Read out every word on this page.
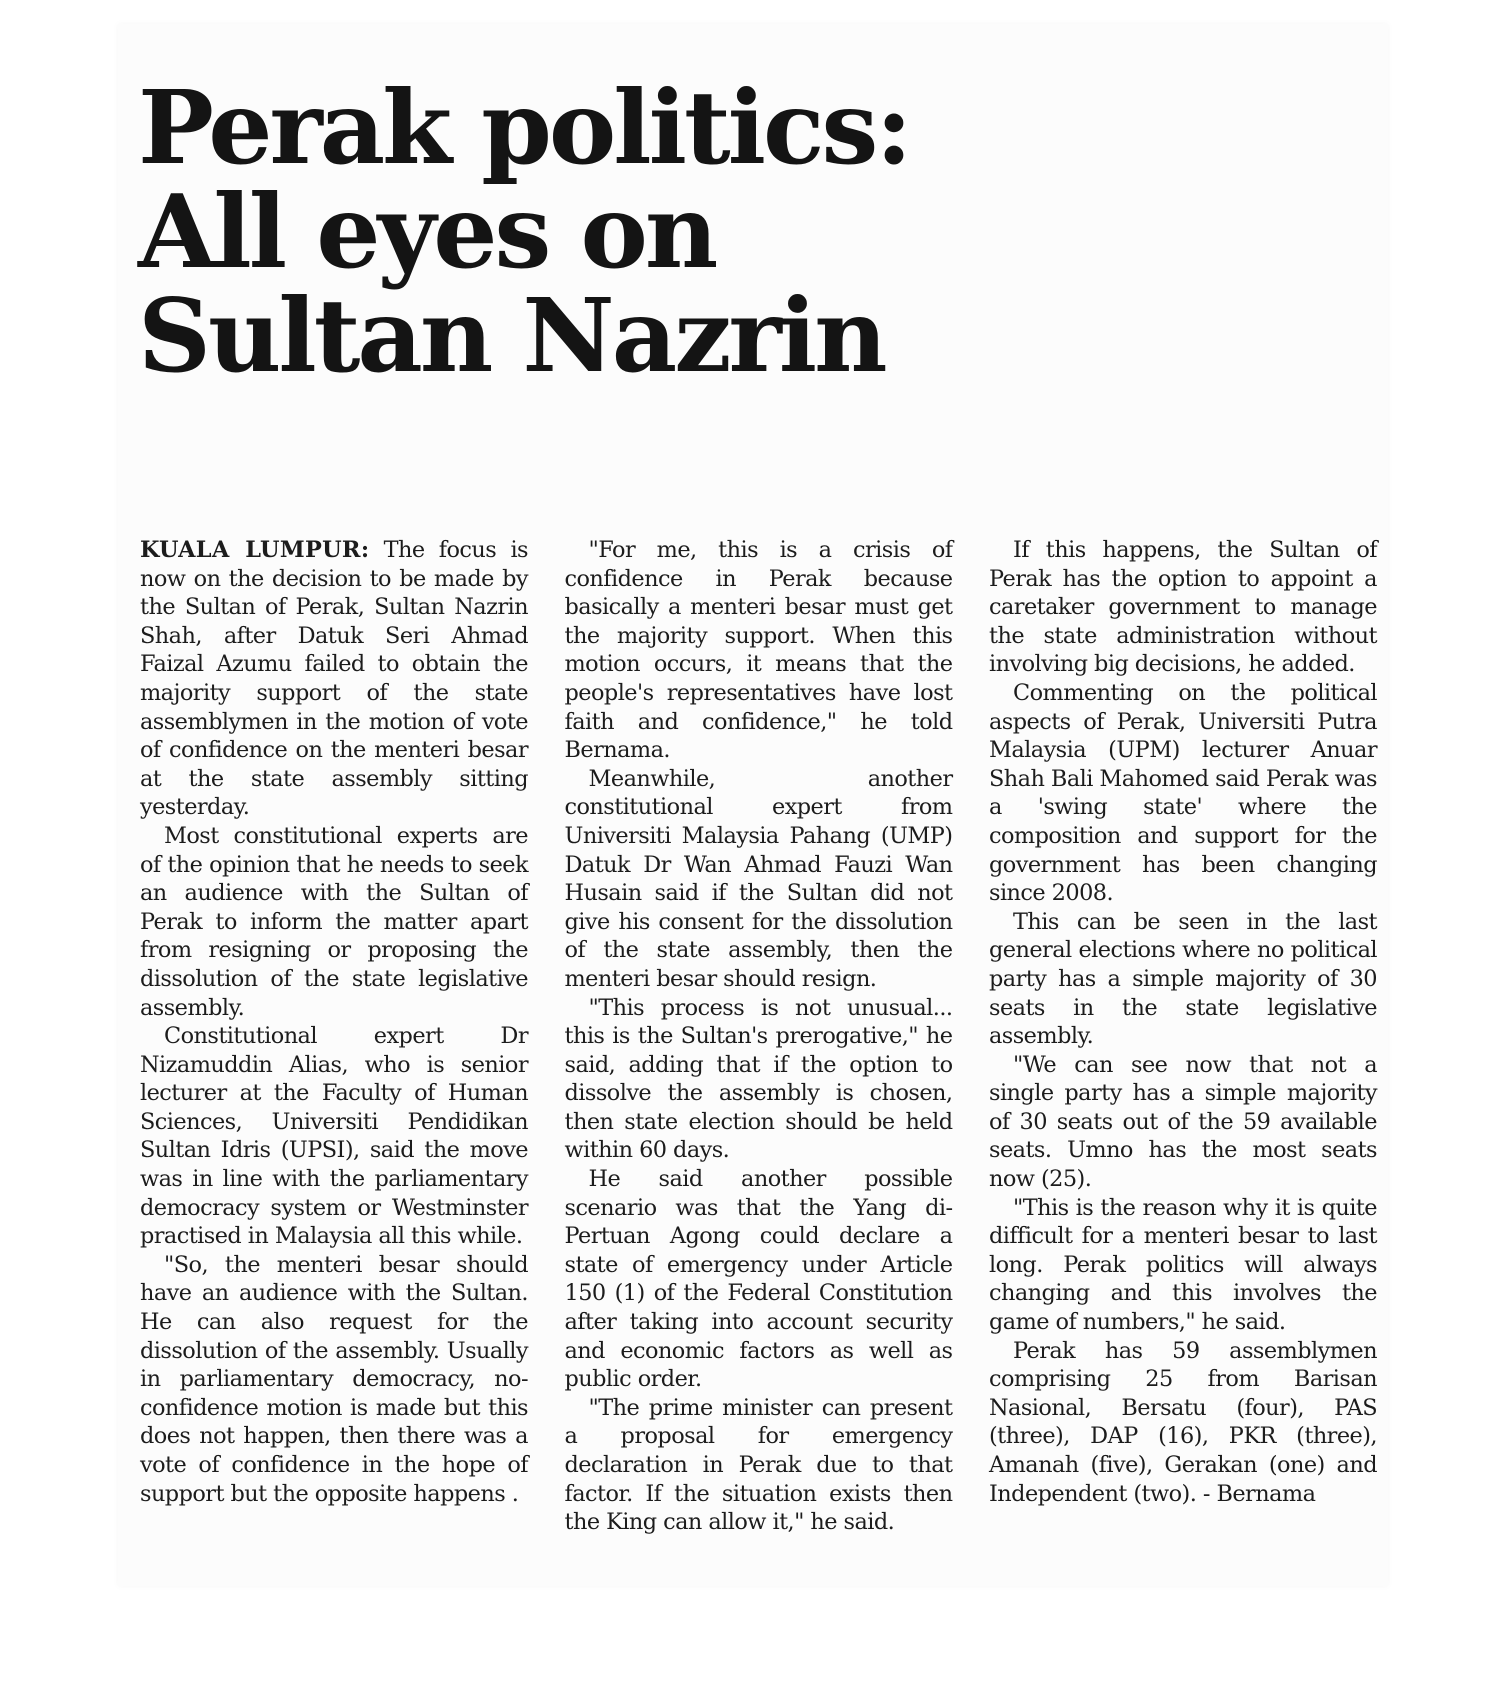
Perak politics:
All eyes on
Sultan Nazrin

KUALA LUMPUR: The focus is now on the decision to be made by the Sultan of Perak, Sultan Nazrin Shah, after Datuk Seri Ahmad Faizal Azumu failed to obtain the majority support of the state assemblymen in the motion of vote of confidence on the menteri besar at the state assembly sitting yesterday.

Most constitutional experts are of the opinion that he needs to seek an audience with the Sultan of Perak to inform the matter apart from resigning or proposing the dissolution of the state legislative assembly.

Constitutional expert Dr Nizamuddin Alias, who is senior lecturer at the Faculty of Human Sciences, Universiti Pendidikan Sultan Idris (UPSI), said the move was in line with the parliamentary democracy system or Westminster practised in Malaysia all this while.

"So, the menteri besar should have an audience with the Sultan. He can also request for the dissolution of the assembly. Usually in parliamentary democracy, no-confidence motion is made but this does not happen, then there was a vote of confidence in the hope of support but the opposite happens .

"For me, this is a crisis of confidence in Perak because basically a menteri besar must get the majority support. When this motion occurs, it means that the people's representatives have lost faith and confidence," he told Bernama.

Meanwhile, another constitutional expert from Universiti Malaysia Pahang (UMP) Datuk Dr Wan Ahmad Fauzi Wan Husain said if the Sultan did not give his consent for the dissolution of the state assembly, then the menteri besar should resign.

"This process is not unusual... this is the Sultan's prerogative," he said, adding that if the option to dissolve the assembly is chosen, then state election should be held within 60 days.

He said another possible scenario was that the Yang di-Pertuan Agong could declare a state of emergency under Article 150 (1) of the Federal Constitution after taking into account security and economic factors as well as public order.

"The prime minister can present a proposal for emergency declaration in Perak due to that factor. If the situation exists then the King can allow it," he said.

If this happens, the Sultan of Perak has the option to appoint a caretaker government to manage the state administration without involving big decisions, he added.

Commenting on the political aspects of Perak, Universiti Putra Malaysia (UPM) lecturer Anuar Shah Bali Mahomed said Perak was a 'swing state' where the composition and support for the government has been changing since 2008.

This can be seen in the last general elections where no political party has a simple majority of 30 seats in the state legislative assembly.

"We can see now that not a single party has a simple majority of 30 seats out of the 59 available seats. Umno has the most seats now (25).

"This is the reason why it is quite difficult for a menteri besar to last long. Perak politics will always changing and this involves the game of numbers," he said.

Perak has 59 assemblymen comprising 25 from Barisan Nasional, Bersatu (four), PAS (three), DAP (16), PKR (three), Amanah (five), Gerakan (one) and Independent (two). - Bernama
